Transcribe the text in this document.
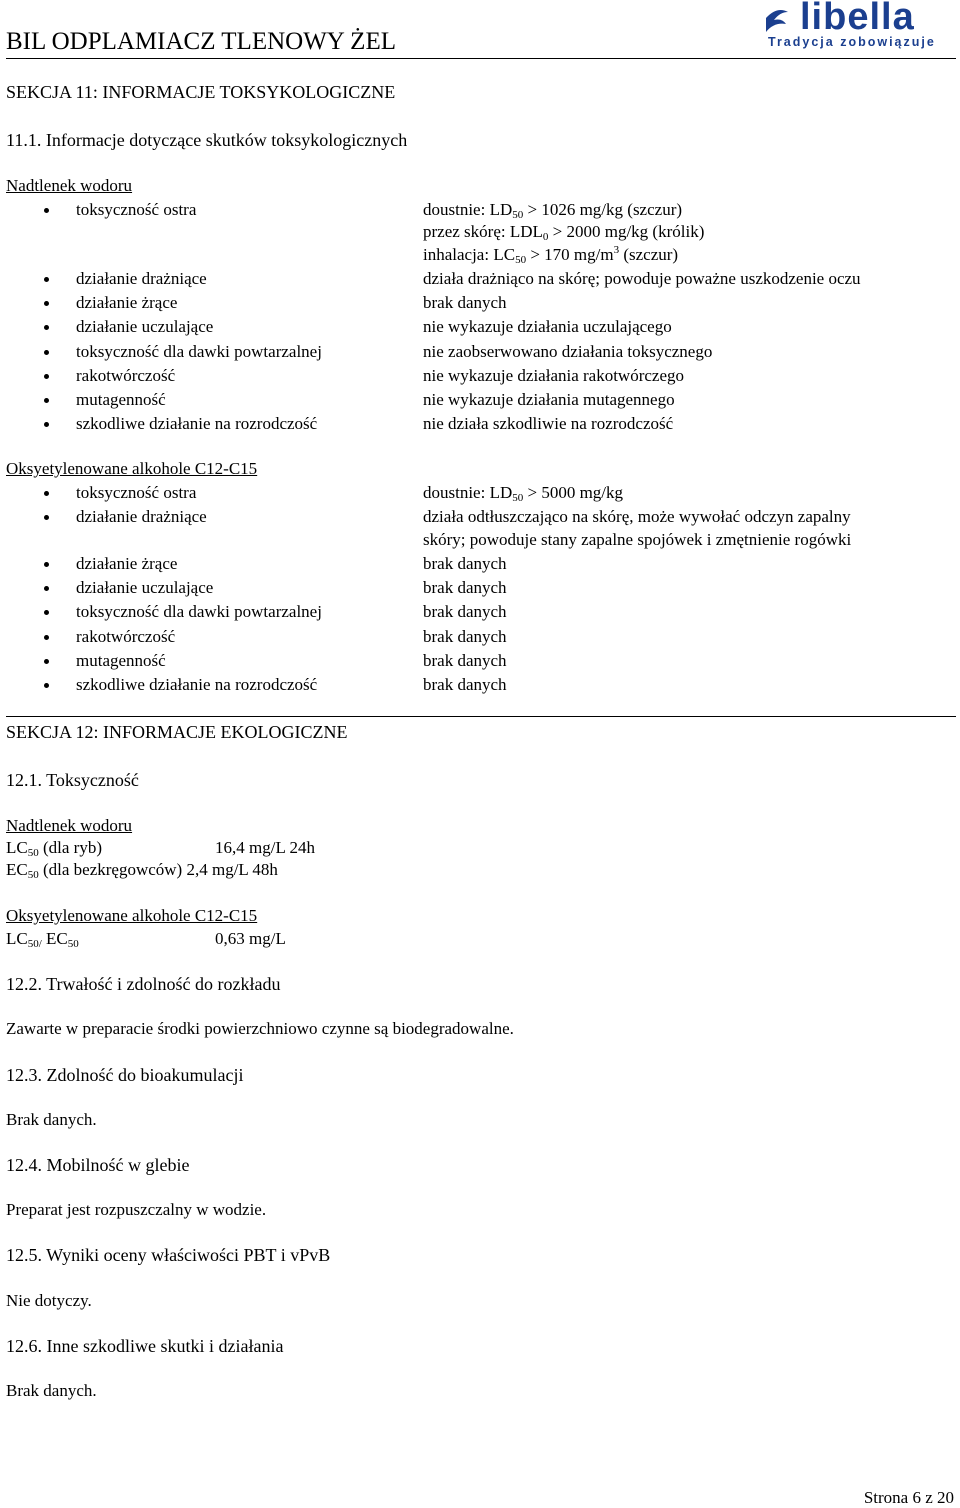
BIL ODPLAMIACZ TLENOWY ŻEL
libella
Tradycja zobowiązuje
SEKCJA 11: INFORMACJE TOKSYKOLOGICZNE
11.1. Informacje dotyczące skutków toksykologicznych
Nadtlenek wodoru
toksyczność ostra	doustnie: $LD_{50} > 1026$ mg/kg (szczur)
przez skórę: $LDL_0 > 2000$ mg/kg (królik)
inhalacja: $LC_{50} > 170$ $mg/m^3$ (szczur)
działanie drażniące	działa drażniąco na skórę; powoduje poważne uszkodzenie oczu
działanie żrące	brak danych
działanie uczulające	nie wykazuje działania uczulającego
toksyczność dla dawki powtarzalnej	nie zaobserwowano działania toksycznego
rakotwórczość	nie wykazuje działania rakotwórczego
mutagenność	nie wykazuje działania mutagennego
szkodliwe działanie na rozrodczość	nie działa szkodliwie na rozrodczość
Oksyetylenowane alkohole C12-C15
toksyczność ostra	doustnie: $LD_{50} > 5000$ mg/kg
działanie drażniące	działa odtłuszczająco na skórę, może wywołać odczyn zapalny
skóry; powoduje stany zapalne spojówek i zmętnienie rogówki
działanie żrące	brak danych
działanie uczulające	brak danych
toksyczność dla dawki powtarzalnej	brak danych
rakotwórczość	brak danych
mutagenność	brak danych
szkodliwe działanie na rozrodczość	brak danych
SEKCJA 12: INFORMACJE EKOLOGICZNE
12.1. Toksyczność
Nadtlenek wodoru
$LC_{50}$ (dla ryb)	16,4 mg/L 24h
$EC_{50}$ (dla bezkręgowców) 2,4 mg/L 48h
Oksyetylenowane alkohole C12-C15
$LC_{50/}$ $EC_{50}$	0,63 mg/L
12.2. Trwałość i zdolność do rozkładu
Zawarte w preparacie środki powierzchniowo czynne są biodegradowalne.
12.3. Zdolność do bioakumulacji
Brak danych.
12.4. Mobilność w glebie
Preparat jest rozpuszczalny w wodzie.
12.5. Wyniki oceny właściwości PBT i vPvB
Nie dotyczy.
12.6. Inne szkodliwe skutki i działania
Brak danych.
Strona 6 z 20
